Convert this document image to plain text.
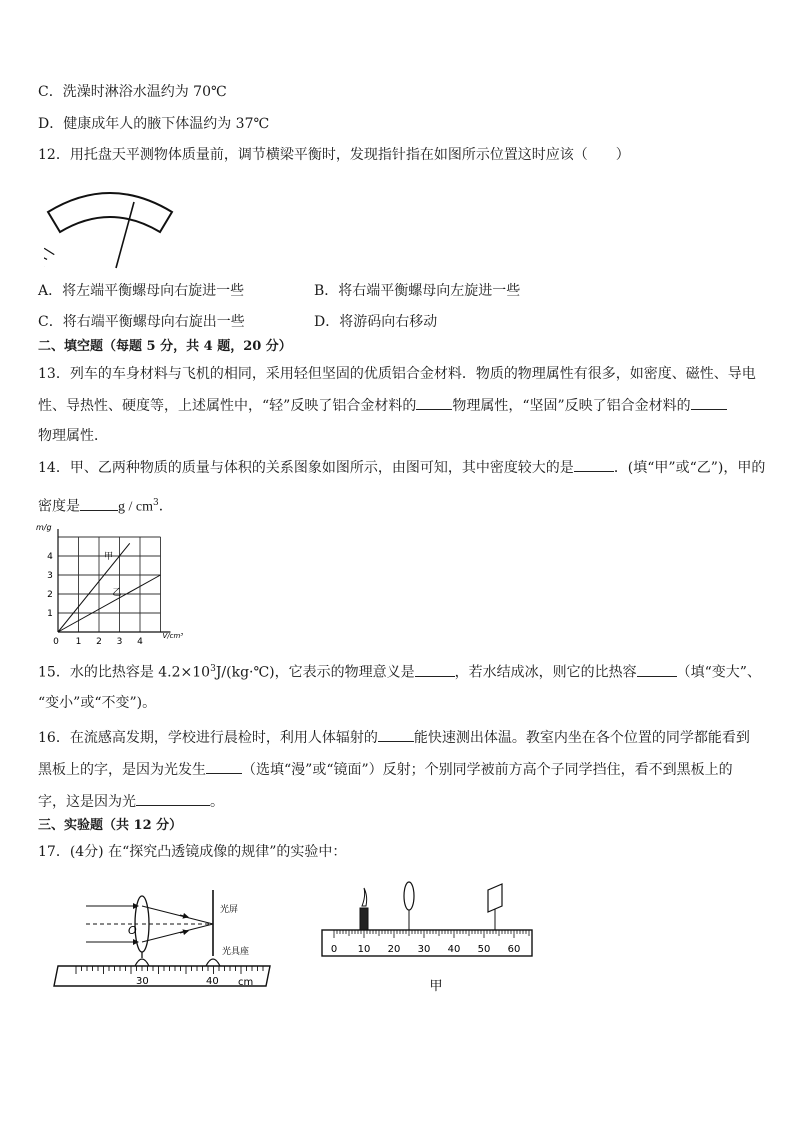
C．洗澡时淋浴水温约为 70℃
D．健康成年人的腋下体温约为 37℃
12．用托盘天平测物体质量前，调节横梁平衡时，发现指针指在如图所示位置这时应该（　　）
A．将左端平衡螺母向右旋进一些	B．将右端平衡螺母向左旋进一些
C．将右端平衡螺母向右旋出一些	D．将游码向右移动
二、填空题（每题 5 分，共 4 题，20 分）
13．列车的车身材料与飞机的相同，采用轻但坚固的优质铝合金材料．物质的物理属性有很多，如密度、磁性、导电
性、导热性、硬度等，上述属性中，“轻”反映了铝合金材料的	物理属性，“坚固”反映了铝合金材料的
物理属性．
14．甲、乙两种物质的质量与体积的关系图象如图所示，由图可知，其中密度较大的是	．(填“甲”或“乙”)，甲的
密度是	g / $cm^3$．
0 1 2 3 4
1
2
3
4
m/g
V/cm³
甲
乙
15．水的比热容是 $4.2\times 10^3J/(kg\cdot℃)$，它表示的物理意义是	，若水结成冰，则它的比热容	（填“变大”、
“变小”或“不变”)。
16．在流感高发期，学校进行晨检时，利用人体辐射的	能快速测出体温。教室内坐在各个位置的同学都能看到
黑板上的字，是因为光发生	（选填“漫”或“镜面”）反射；个别同学被前方高个子同学挡住，看不到黑板上的
字，这是因为光	。
三、实验题（共 12 分）
17．(4分) 在“探究凸透镜成像的规律”的实验中：
O
光屏
光具座
30	40 cm
0 10 20 30 40 50 60
甲
